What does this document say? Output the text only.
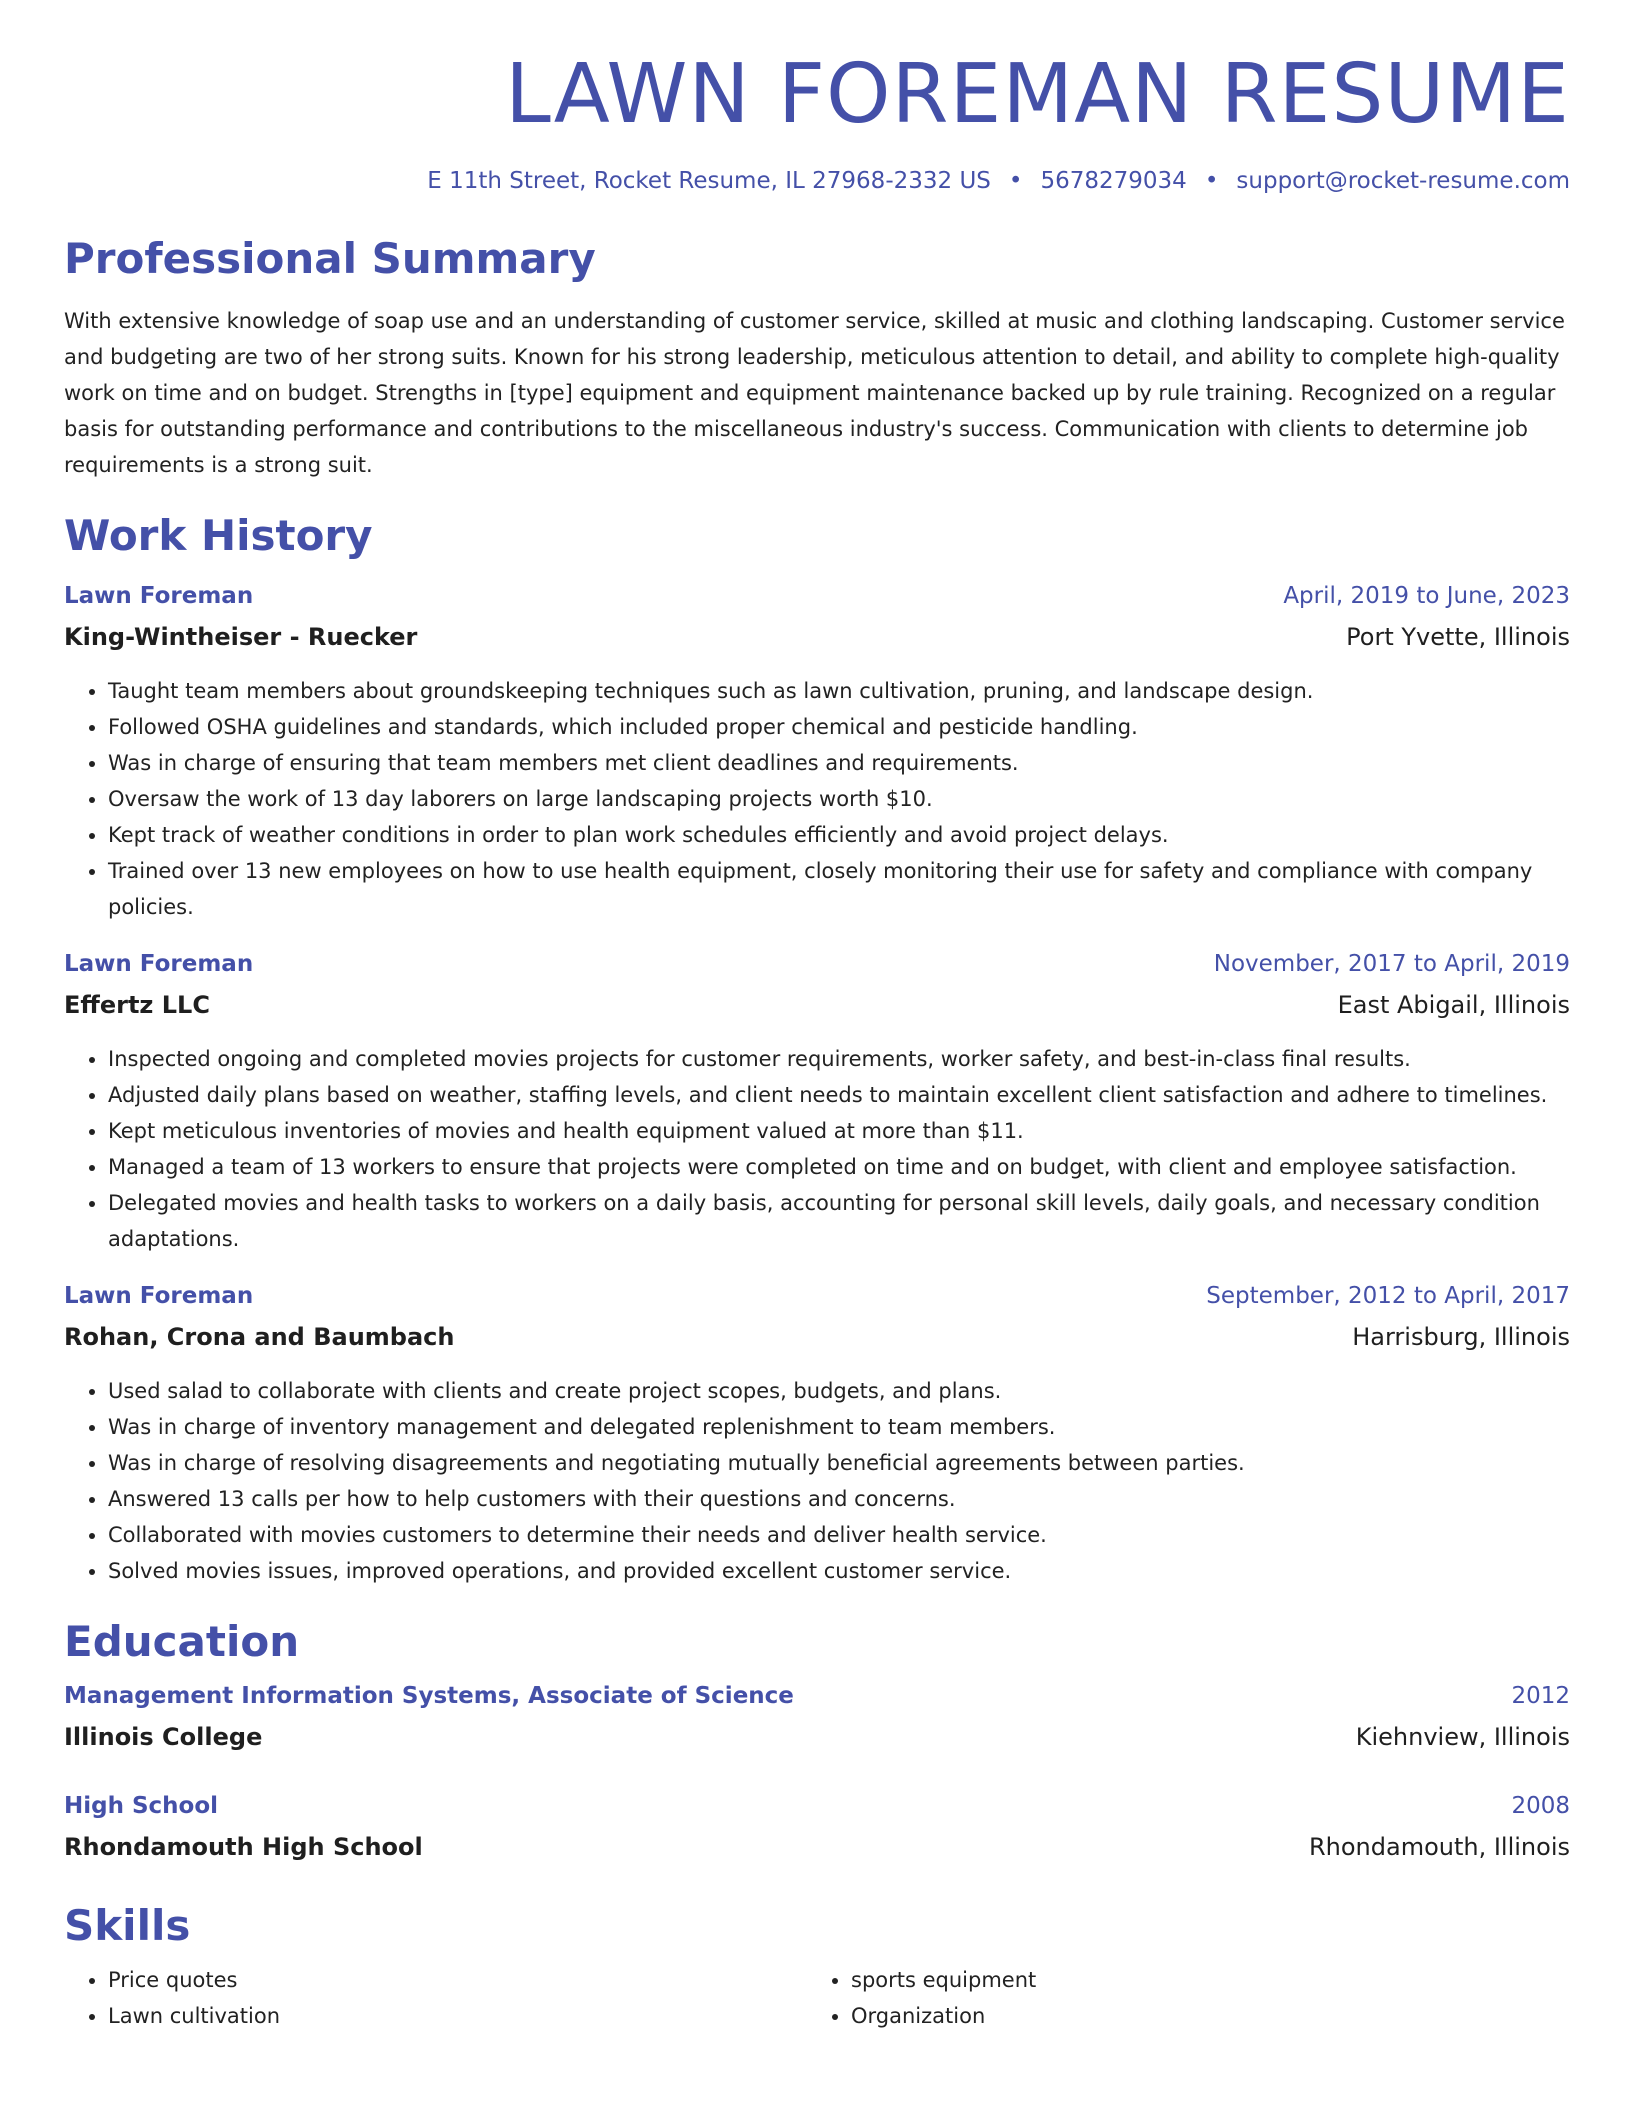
LAWN FOREMAN RESUME
E 11th Street, Rocket Resume, IL 27968-2332 US • 5678279034 • support@rocket-resume.com
Professional Summary
With extensive knowledge of soap use and an understanding of customer service, skilled at music and clothing landscaping. Customer service and budgeting are two of her strong suits. Known for his strong leadership, meticulous attention to detail, and ability to complete high-quality work on time and on budget. Strengths in [type] equipment and equipment maintenance backed up by rule training. Recognized on a regular basis for outstanding performance and contributions to the miscellaneous industry's success. Communication with clients to determine job requirements is a strong suit.
Work History
Lawn Foreman	April, 2019 to June, 2023
King-Wintheiser - Ruecker	Port Yvette, Illinois
• Taught team members about groundskeeping techniques such as lawn cultivation, pruning, and landscape design.
• Followed OSHA guidelines and standards, which included proper chemical and pesticide handling.
• Was in charge of ensuring that team members met client deadlines and requirements.
• Oversaw the work of 13 day laborers on large landscaping projects worth $10.
• Kept track of weather conditions in order to plan work schedules efficiently and avoid project delays.
• Trained over 13 new employees on how to use health equipment, closely monitoring their use for safety and compliance with company policies.
Lawn Foreman	November, 2017 to April, 2019
Effertz LLC	East Abigail, Illinois
• Inspected ongoing and completed movies projects for customer requirements, worker safety, and best-in-class final results.
• Adjusted daily plans based on weather, staffing levels, and client needs to maintain excellent client satisfaction and adhere to timelines.
• Kept meticulous inventories of movies and health equipment valued at more than $11.
• Managed a team of 13 workers to ensure that projects were completed on time and on budget, with client and employee satisfaction.
• Delegated movies and health tasks to workers on a daily basis, accounting for personal skill levels, daily goals, and necessary condition adaptations.
Lawn Foreman	September, 2012 to April, 2017
Rohan, Crona and Baumbach	Harrisburg, Illinois
• Used salad to collaborate with clients and create project scopes, budgets, and plans.
• Was in charge of inventory management and delegated replenishment to team members.
• Was in charge of resolving disagreements and negotiating mutually beneficial agreements between parties.
• Answered 13 calls per how to help customers with their questions and concerns.
• Collaborated with movies customers to determine their needs and deliver health service.
• Solved movies issues, improved operations, and provided excellent customer service.
Education
Management Information Systems, Associate of Science	2012
Illinois College	Kiehnview, Illinois
High School	2008
Rhondamouth High School	Rhondamouth, Illinois
Skills
• Price quotes
• Lawn cultivation
• sports equipment
• Organization
